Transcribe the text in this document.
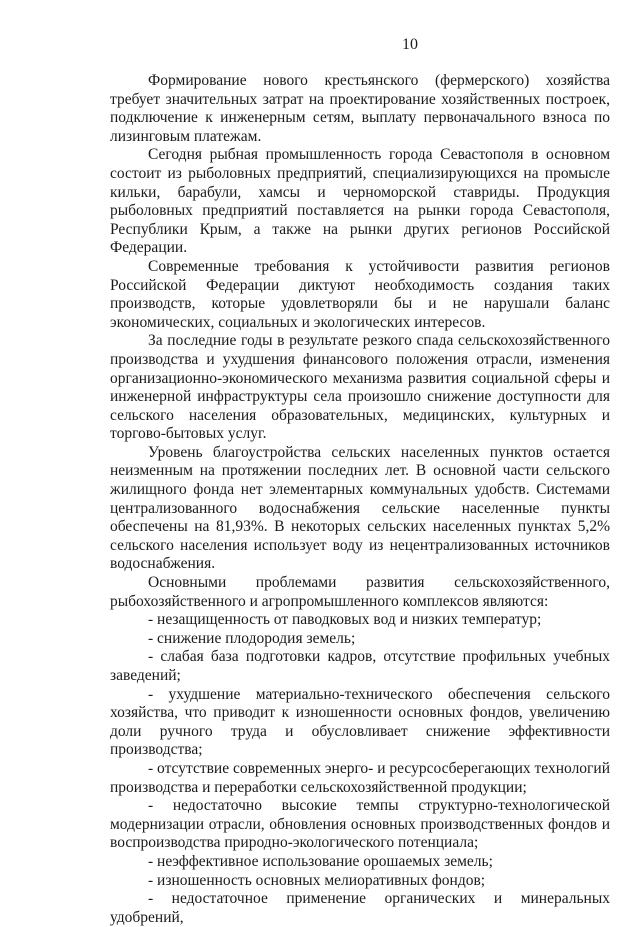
10

Формирование нового крестьянского (фермерского) хозяйства требует значительных затрат на проектирование хозяйственных построек, подключение к инженерным сетям, выплату первоначального взноса по лизинговым платежам.

Сегодня рыбная промышленность города Севастополя в основном состоит из рыболовных предприятий, специализирующихся на промысле кильки, барабули, хамсы и черноморской ставриды. Продукция рыболовных предприятий поставляется на рынки города Севастополя, Республики Крым, а также на рынки других регионов Российской Федерации.

Современные требования к устойчивости развития регионов Российской Федерации диктуют необходимость создания таких производств, которые удовлетворяли бы и не нарушали баланс экономических, социальных и экологических интересов.

За последние годы в результате резкого спада сельскохозяйственного производства и ухудшения финансового положения отрасли, изменения организационно-экономического механизма развития социальной сферы и инженерной инфраструктуры села произошло снижение доступности для сельского населения образовательных, медицинских, культурных и торгово-бытовых услуг.

Уровень благоустройства сельских населенных пунктов остается неизменным на протяжении последних лет. В основной части сельского жилищного фонда нет элементарных коммунальных удобств. Системами централизованного водоснабжения сельские населенные пункты обеспечены на 81,93%. В некоторых сельских населенных пунктах 5,2% сельского населения использует воду из нецентрализованных источников водоснабжения.

Основными проблемами развития сельскохозяйственного, рыбохозяйственного и агропромышленного комплексов являются:

- незащищенность от паводковых вод и низких температур;

- снижение плодородия земель;

- слабая база подготовки кадров, отсутствие профильных учебных заведений;

- ухудшение материально-технического обеспечения сельского хозяйства, что приводит к изношенности основных фондов, увеличению доли ручного труда и обусловливает снижение эффективности производства;

- отсутствие современных энерго- и ресурсосберегающих технологий производства и переработки сельскохозяйственной продукции;

- недостаточно высокие темпы структурно-технологической модернизации отрасли, обновления основных производственных фондов и воспроизводства природно-экологического потенциала;

- неэффективное использование орошаемых земель;

- изношенность основных мелиоративных фондов;

- недостаточное применение органических и минеральных удобрений,
